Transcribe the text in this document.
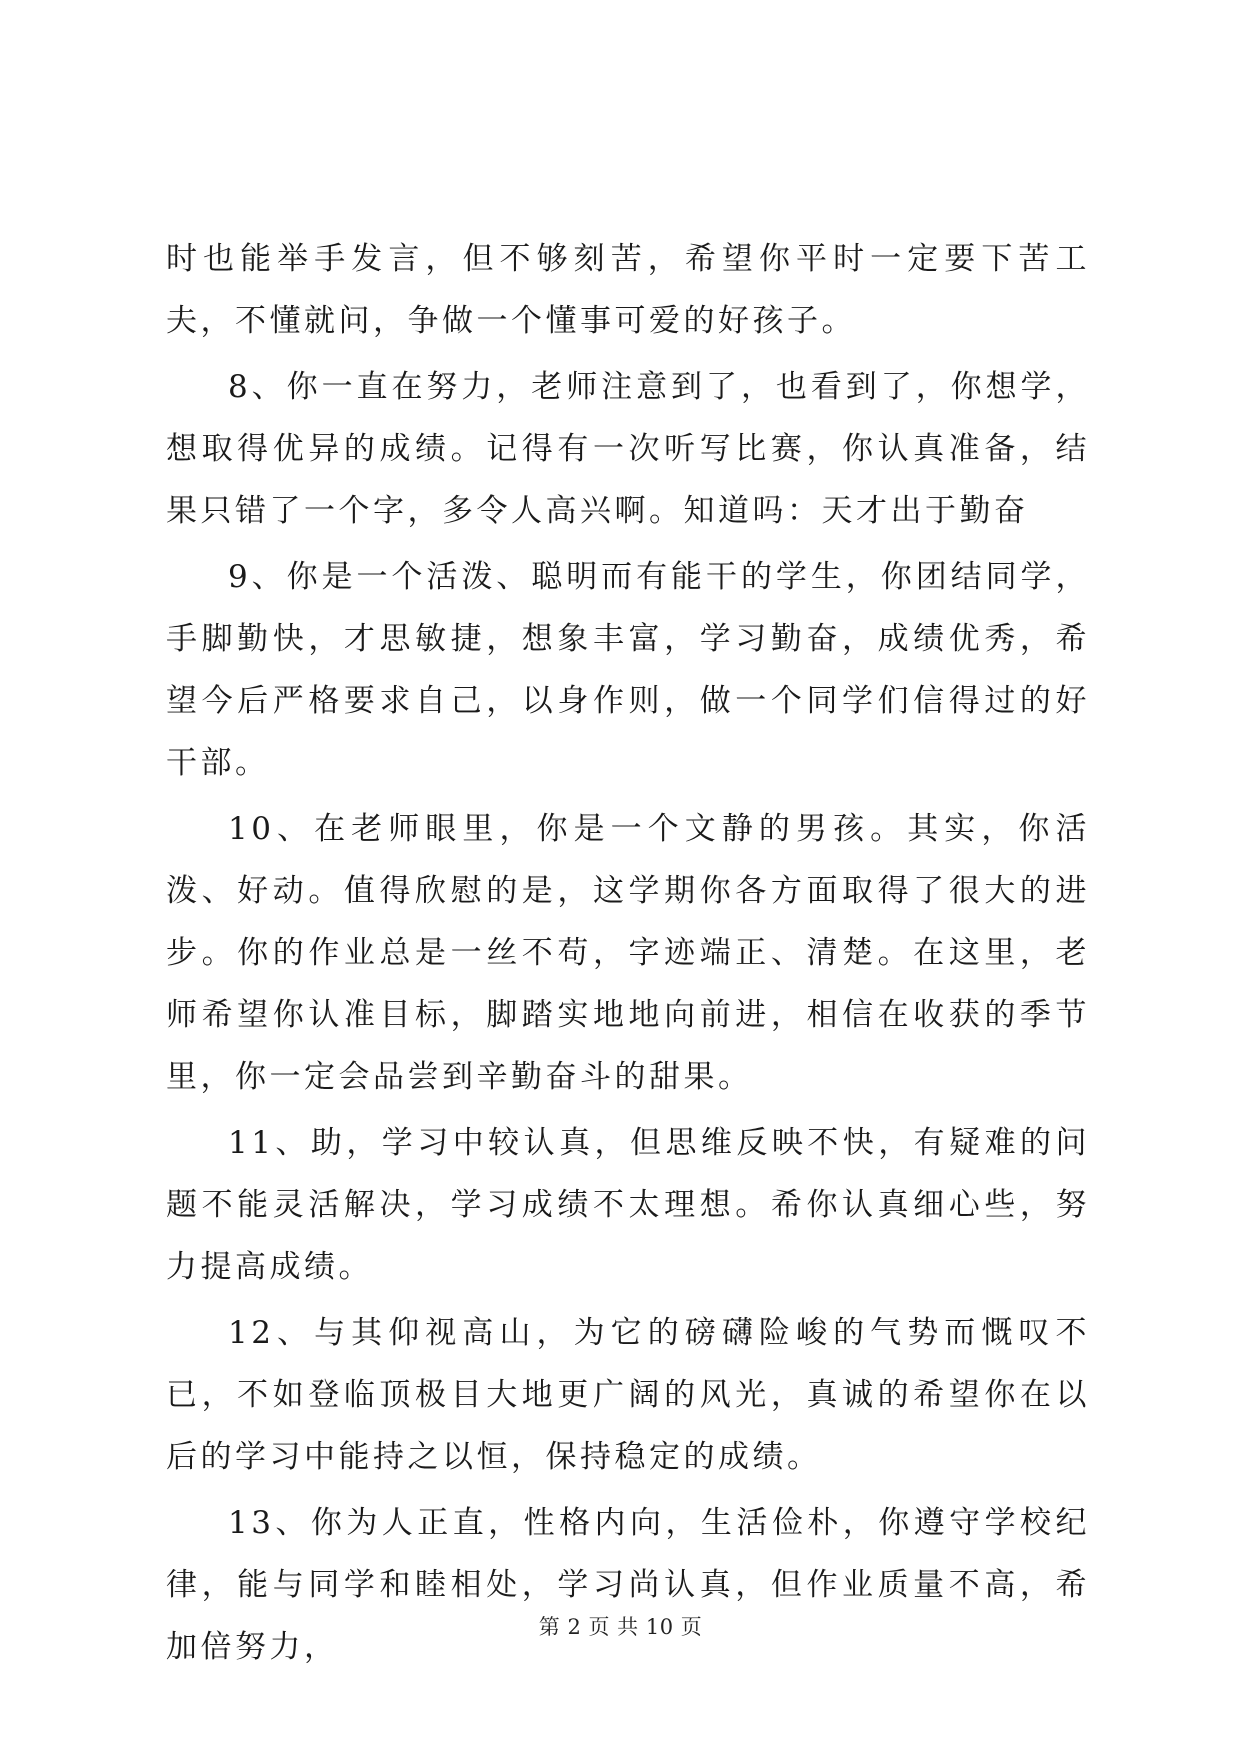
时也能举手发言，但不够刻苦，希望你平时一定要下苦工夫，不懂就问，争做一个懂事可爱的好孩子。

8、你一直在努力，老师注意到了，也看到了，你想学，想取得优异的成绩。记得有一次听写比赛，你认真准备，结果只错了一个字，多令人高兴啊。知道吗：天才出于勤奋

9、你是一个活泼、聪明而有能干的学生，你团结同学，手脚勤快，才思敏捷，想象丰富，学习勤奋，成绩优秀，希望今后严格要求自己，以身作则，做一个同学们信得过的好干部。

10、在老师眼里，你是一个文静的男孩。其实，你活泼、好动。值得欣慰的是，这学期你各方面取得了很大的进步。你的作业总是一丝不苟，字迹端正、清楚。在这里，老师希望你认准目标，脚踏实地地向前进，相信在收获的季节里，你一定会品尝到辛勤奋斗的甜果。

11、助，学习中较认真，但思维反映不快，有疑难的问题不能灵活解决，学习成绩不太理想。希你认真细心些，努力提高成绩。

12、与其仰视高山，为它的磅礴险峻的气势而慨叹不已，不如登临顶极目大地更广阔的风光，真诚的希望你在以后的学习中能持之以恒，保持稳定的成绩。

13、你为人正直，性格内向，生活俭朴，你遵守学校纪律，能与同学和睦相处，学习尚认真，但作业质量不高，希加倍努力，

第 2 页 共 10 页
